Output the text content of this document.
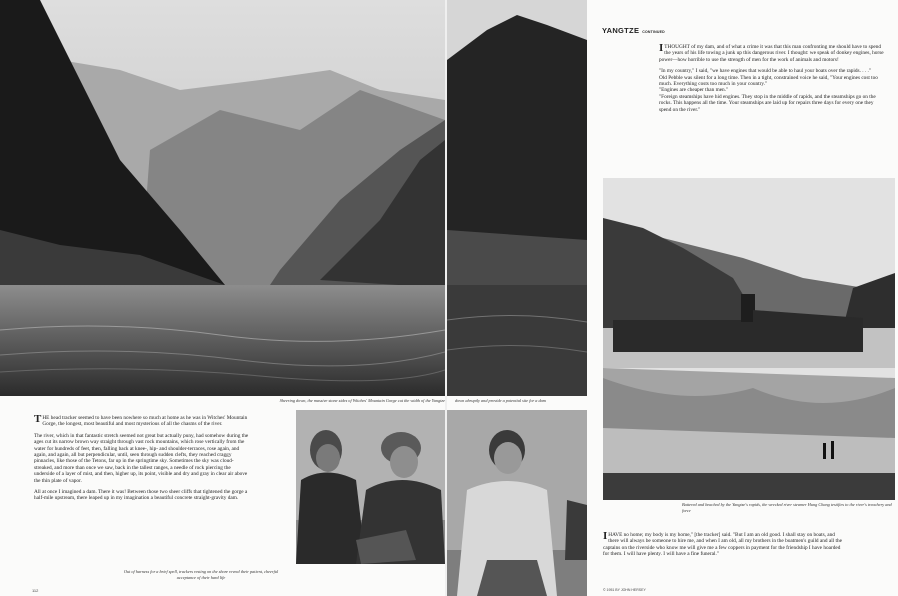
Sheering down, the massive stone sides of Witches' Mountain Gorge cut the width of the Yangtze

THE head tracker seemed to have been nowhere so much at home as he was in Witches' Mountain Gorge, the longest, most beautiful and most mysterious of all the chasms of the river.

The river, which in that fantastic stretch seemed not great but actually puny, had somehow during the ages cut its narrow brown way straight through vast rock mountains, which rose vertically from the water for hundreds of feet, then, falling back at knee-, hip- and shoulder-terraces, rose again, and again, and again, all but perpendicular, until, seen through sudden clefts, they reached craggy pinnacles, like those of the Tetons, far up in the springtime sky. Sometimes the sky was cloud-streaked, and more than once we saw, back in the tallest ranges, a needle of rock piercing the underside of a layer of mist, and then, higher up, its point, visible and dry and gray in clear air above the thin plate of vapor.

All at once I imagined a dam. There it was! Between those two sheer cliffs that tightened the gorge a half-mile upstream, there leaped up in my imagination a beautiful concrete straight-gravity dam.

Out of harness for a brief spell, trackers resting on the shore reveal their patient, cheerful acceptance of their hard life
112
down abruptly and provide a potential site for a dam
YANGTZE CONTINUED

ITHOUGHT of my dam, and of what a crime it was that this man confronting me should have to spend the years of his life towing a junk up this dangerous river. I thought: we speak of donkey engines, horse power—how horrible to use the strength of men for the work of animals and motors!

"In my country," I said, "we have engines that would be able to haul your boats over the rapids. . . ."

Old Pebble was silent for a long time. Then in a tight, constrained voice he said, "Your engines cost too much. Everything costs too much in your country."

"Engines are cheaper than men."

"Foreign steamships have hid engines. They stop in the middle of rapids, and the steamships go on the rocks. This happens all the time. Your steamships are laid up for repairs three days for every one they spend on the river."

Battered and beached by the Yangtze's rapids, the wrecked river steamer Hung Chang testifies to the river's treachery and force

IHAVE no home; my body is my home," [the tracker] said. "But I am an old good. I shall stay on boats, and there will always be someone to hire me, and when I am old, all my brothers in the boatmen's guild and all the captains on the riverside who know me will give me a few coppers in payment for the friendship I have hoarded for them. I will have plenty. I will have a fine funeral."

© 1951 BY JOHN HERSEY
